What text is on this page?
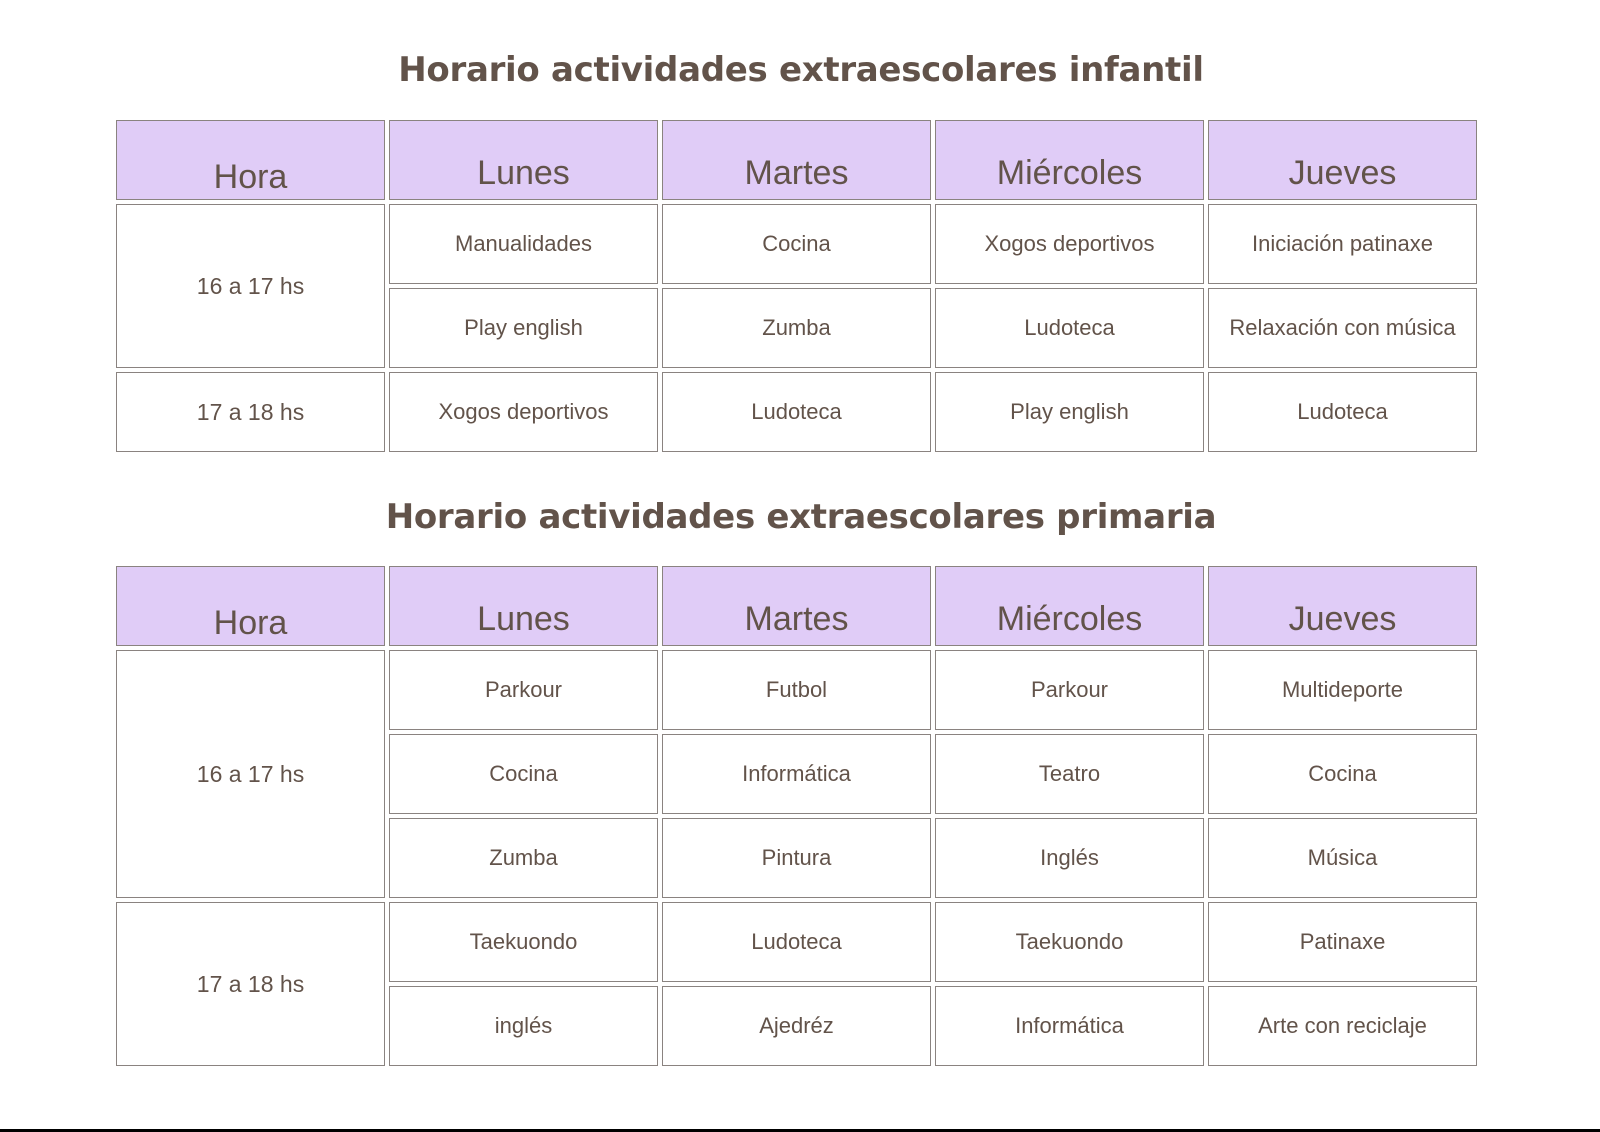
Horario actividades extraescolares infantil
Hora	Lunes	Martes	Miércoles	Jueves
16 a 17 hs	Manualidades	Cocina	Xogos deportivos	Iniciación patinaxe
	Play english	Zumba	Ludoteca	Relaxación con música
17 a 18 hs	Xogos deportivos	Ludoteca	Play english	Ludoteca
Horario actividades extraescolares primaria
Hora	Lunes	Martes	Miércoles	Jueves
16 a 17 hs	Parkour	Futbol	Parkour	Multideporte
	Cocina	Informática	Teatro	Cocina
	Zumba	Pintura	Inglés	Música
17 a 18 hs	Taekuondo	Ludoteca	Taekuondo	Patinaxe
	inglés	Ajedréz	Informática	Arte con reciclaje
